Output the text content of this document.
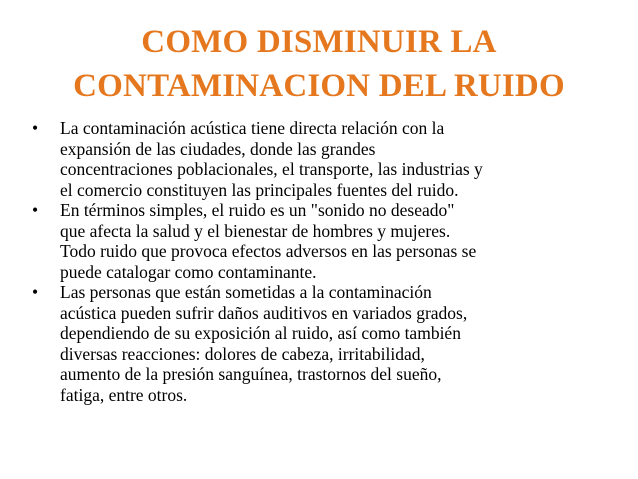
COMO DISMINUIR LA
CONTAMINACION DEL RUIDO
• La contaminación acústica tiene directa relación con la
expansión de las ciudades, donde las grandes
concentraciones poblacionales, el transporte, las industrias y
el comercio constituyen las principales fuentes del ruido.
• En términos simples, el ruido es un "sonido no deseado"
que afecta la salud y el bienestar de hombres y mujeres.
Todo ruido que provoca efectos adversos en las personas se
puede catalogar como contaminante.
• Las personas que están sometidas a la contaminación
acústica pueden sufrir daños auditivos en variados grados,
dependiendo de su exposición al ruido, así como también
diversas reacciones: dolores de cabeza, irritabilidad,
aumento de la presión sanguínea, trastornos del sueño,
fatiga, entre otros.
